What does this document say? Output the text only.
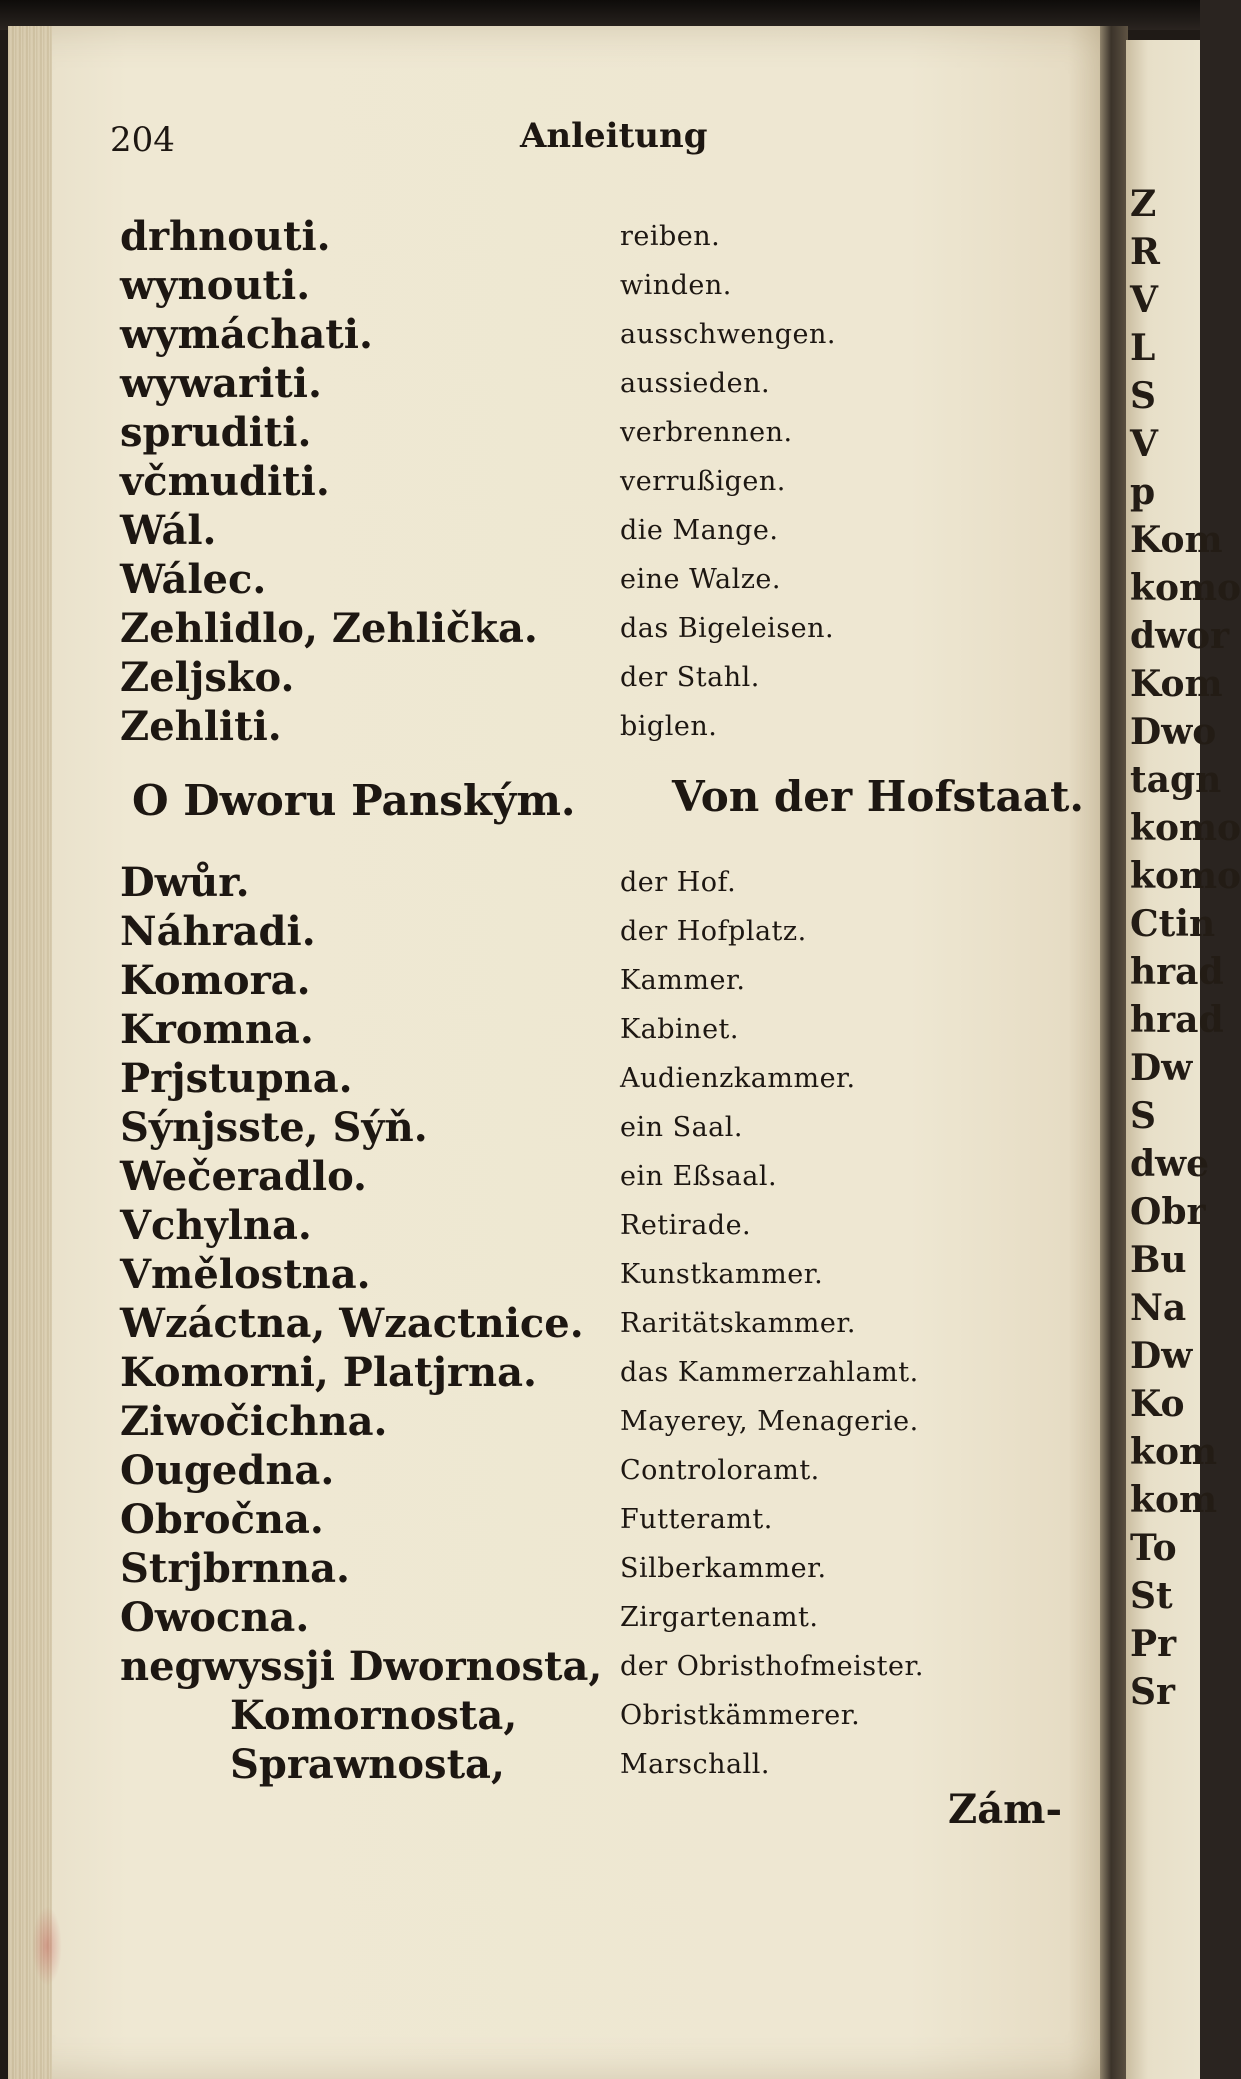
Z
R
V
L
S
V
p
Kom
komo
dwor
Kom
Dwo
tagn
komo
komo
Ctin
hrad
hrad
Dw
S
dwe
Obr
Bu
Na
Dw
Ko
kom
kom
To
St
Pr
Sr
204	Anleitung
drhnouti.
wynouti.
wymáchati.
wywariti.
spruditi.
včmuditi.
Wál.
Wálec.
Zehlidlo, Zehlička.
Zeljsko.
Zehliti.
reiben.
winden.
ausschwengen.
aussieden.
verbrennen.
verrußigen.
die Mange.
eine Walze.
das Bigeleisen.
der Stahl.
biglen.
O Dworu Panským. Von der Hofstaat.
Dwůr.
Náhradi.
Komora.
Kromna.
Prjstupna.
Sýnjsste, Sýň.
Wečeradlo.
Vchylna.
Vmělostna.
Wzáctna, Wzactnice.
Komorni, Platjrna.
Ziwočichna.
Ougedna.
Obročna.
Strjbrnna.
Owocna.
negwyssji Dwornosta,
Komornosta,
Sprawnosta,
der Hof.
der Hofplatz.
Kammer.
Kabinet.
Audienzkammer.
ein Saal.
ein Eßsaal.
Retirade.
Kunstkammer.
Raritätskammer.
das Kammerzahlamt.
Mayerey, Menagerie.
Controloramt.
Futteramt.
Silberkammer.
Zirgartenamt.
der Obristhofmeister.
Obristkämmerer.
Marschall.
Zám-
